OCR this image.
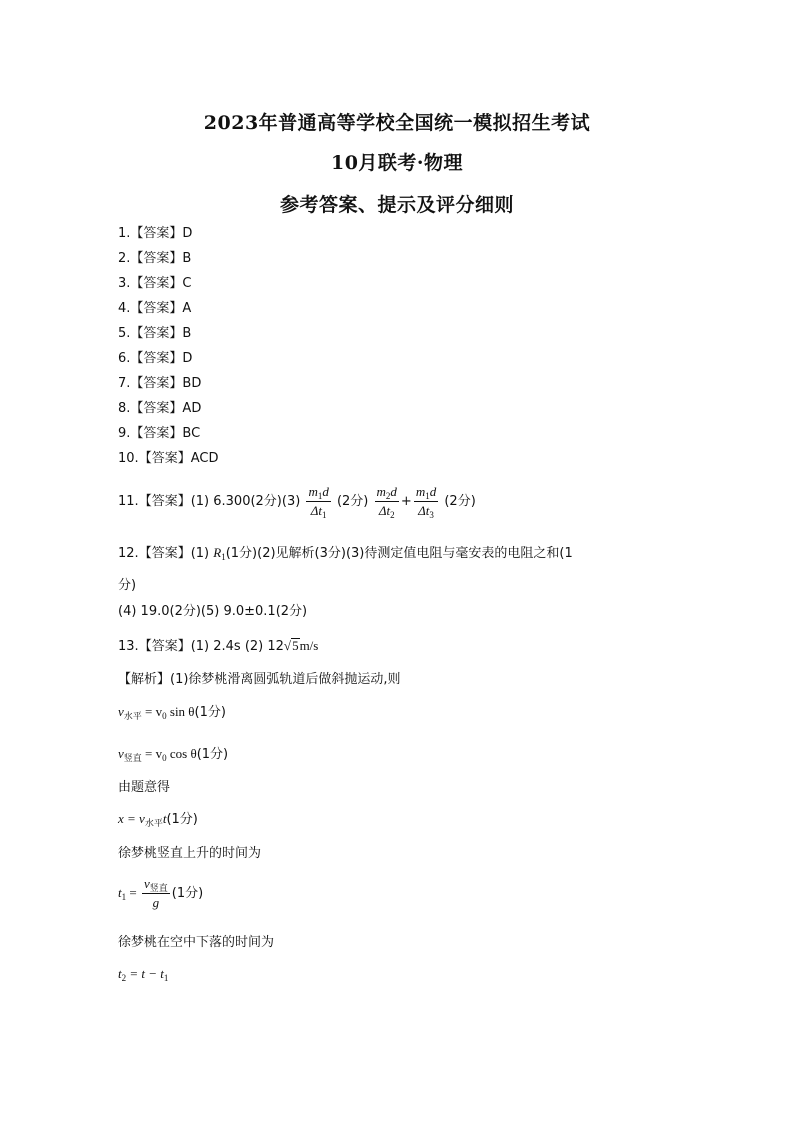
2023年普通高等学校全国统一模拟招生考试
10月联考·物理
参考答案、提示及评分细则
1.【答案】D
2.【答案】B
3.【答案】C
4.【答案】A
5.【答案】B
6.【答案】D
7.【答案】BD
8.【答案】AD
9.【答案】BC
10.【答案】ACD
11.【答案】(1) 6.300(2分)$(3) \frac{m_1d}{\Delta t_1} (2$分) $\frac{m_2d}{\Delta t_2} + \frac{m_1d}{\Delta t_3} (2$分)
12.【答案】(1) $R_1(1$分)(2)见解析(3分)(3)待测定值电阻与毫安表的电阻之和(1
分)
(4) 19.0(2分)(5) 9.0±0.1(2分)
13.【答案】(1) 2.4s (2) 12√5m/s
【解析】(1)徐梦桃滑离圆弧轨道后做斜抛运动,则
$v_{水平} = v_0$ sin θ(1分)
$v_{竖直} = v_0$ cos θ(1分)
由题意得
$x = v_{水平}t(1$分)
徐梦桃竖直上升的时间为
$t_1 = \frac{v_{竖直}}{g} (1$分)
徐梦桃在空中下落的时间为
$t_2 = t - t_1$
